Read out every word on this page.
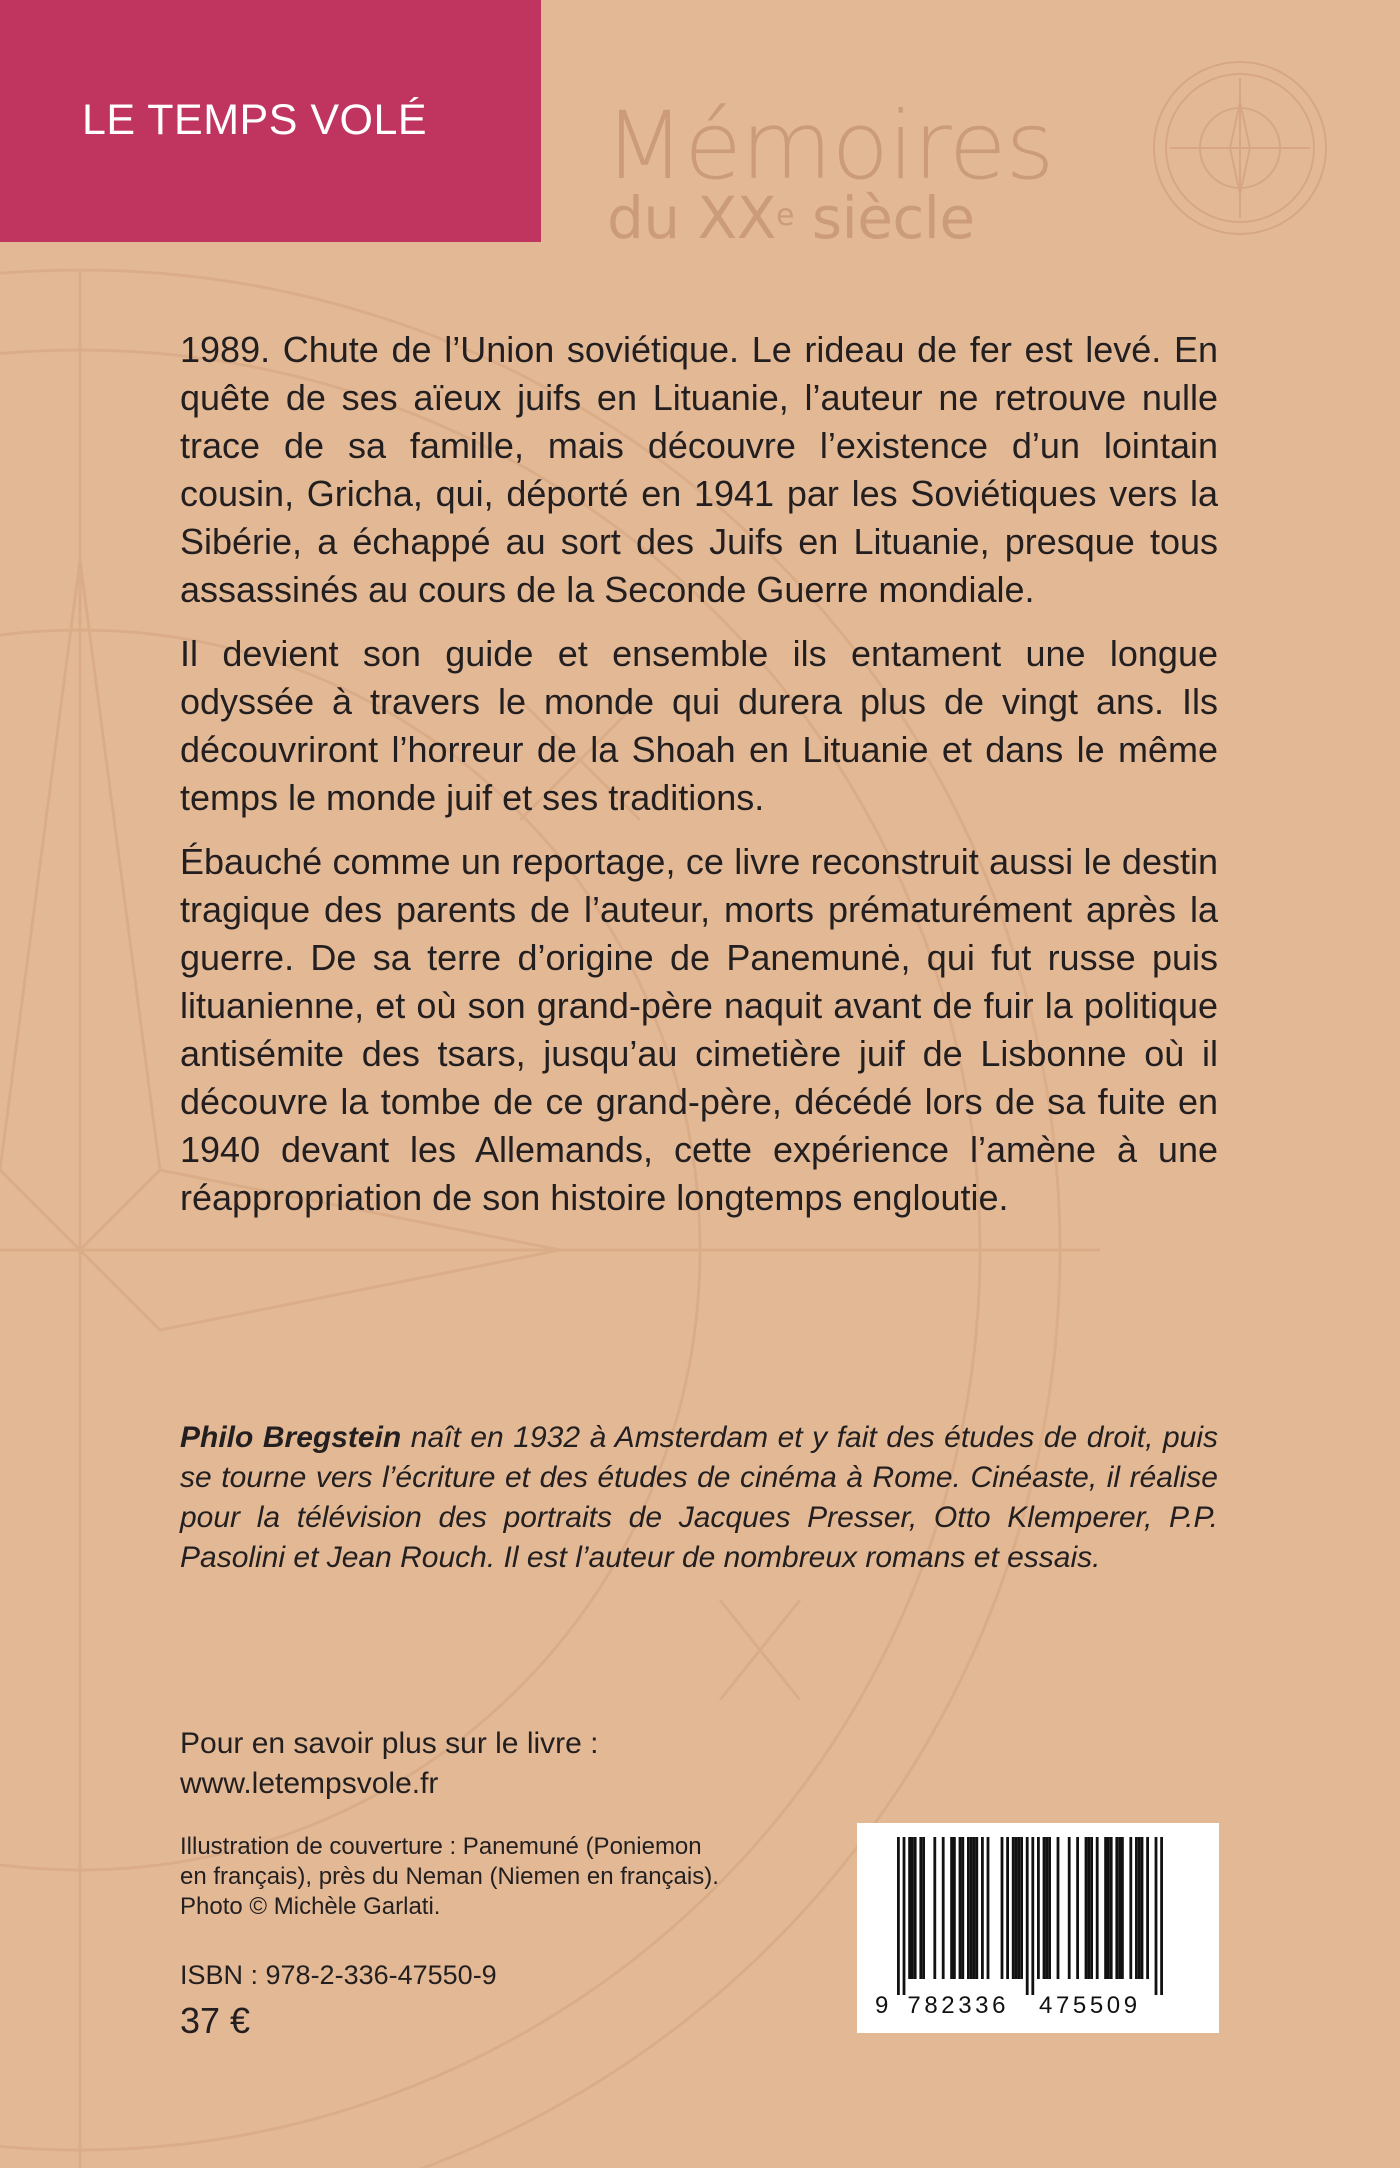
LE TEMPS VOLÉ Mémoires
du XXe siècle

1989. Chute de l’Union soviétique. Le rideau de fer est levé. En quête de ses aïeux juifs en Lituanie, l’auteur ne retrouve nulle trace de sa famille, mais découvre l’existence d’un lointain cousin, Gricha, qui, déporté en 1941 par les Soviétiques vers la Sibérie, a échappé au sort des Juifs en Lituanie, presque tous assassinés au cours de la Seconde Guerre mondiale.

Il devient son guide et ensemble ils entament une longue odyssée à travers le monde qui durera plus de vingt ans. Ils découvriront l’horreur de la Shoah en Lituanie et dans le même temps le monde juif et ses traditions.

Ébauché comme un reportage, ce livre reconstruit aussi le destin tragique des parents de l’auteur, morts prématurément après la guerre. De sa terre d’origine de Panemunė, qui fut russe puis lituanienne, et où son grand-père naquit avant de fuir la politique antisémite des tsars, jusqu’au cimetière juif de Lisbonne où il découvre la tombe de ce grand-père, décédé lors de sa fuite en 1940 devant les Allemands, cette expérience l’amène à une réappropriation de son histoire longtemps engloutie.

Philo Bregstein naît en 1932 à Amsterdam et y fait des études de droit, puis se tourne vers l’écriture et des études de cinéma à Rome. Cinéaste, il réalise pour la télévision des portraits de Jacques Presser, Otto Klemperer, P.P. Pasolini et Jean Rouch. Il est l’auteur de nombreux romans et essais.
Pour en savoir plus sur le livre :
www.letempsvole.fr
Illustration de couverture : Panemuné (Poniemon
en français), près du Neman (Niemen en français).
Photo © Michèle Garlati.
ISBN : 978-2-336-47550-9
37 €	9 782336 475509
